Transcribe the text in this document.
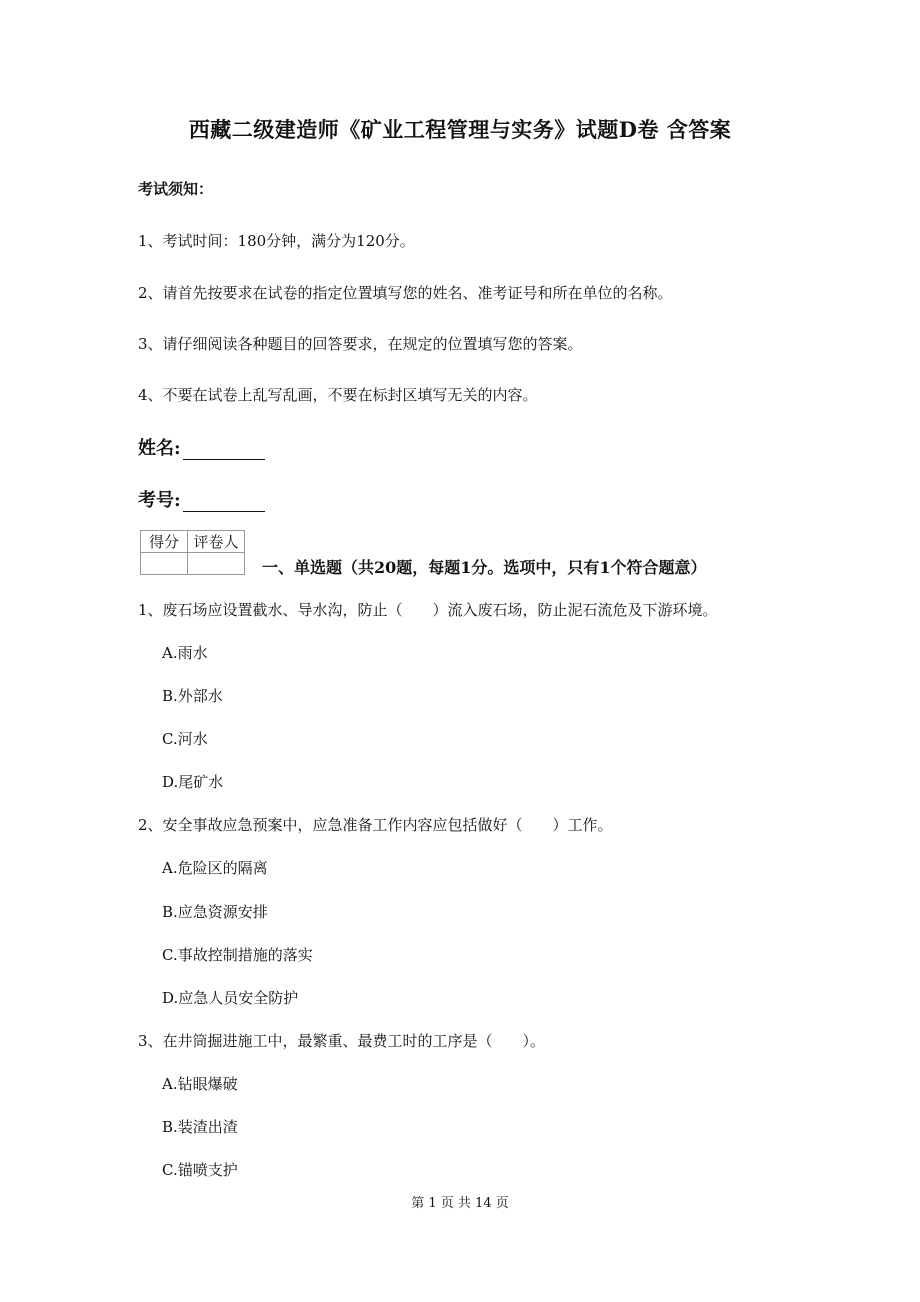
西藏二级建造师《矿业工程管理与实务》试题D卷 含答案
考试须知：
1、考试时间：180分钟，满分为120分。
2、请首先按要求在试卷的指定位置填写您的姓名、准考证号和所在单位的名称。
3、请仔细阅读各种题目的回答要求，在规定的位置填写您的答案。
4、不要在试卷上乱写乱画，不要在标封区填写无关的内容。
姓名:
考号:
得分	评卷人

一、单选题（共20题，每题1分。选项中，只有1个符合题意）
1、废石场应设置截水、导水沟，防止（　　）流入废石场，防止泥石流危及下游环境。
A.雨水
B.外部水
C.河水
D.尾矿水
2、安全事故应急预案中，应急准备工作内容应包括做好（　　）工作。
A.危险区的隔离
B.应急资源安排
C.事故控制措施的落实
D.应急人员安全防护
3、在井筒掘进施工中，最繁重、最费工时的工序是（　　）。
A.钻眼爆破
B.装渣出渣
C.锚喷支护
第 1 页 共 14 页
